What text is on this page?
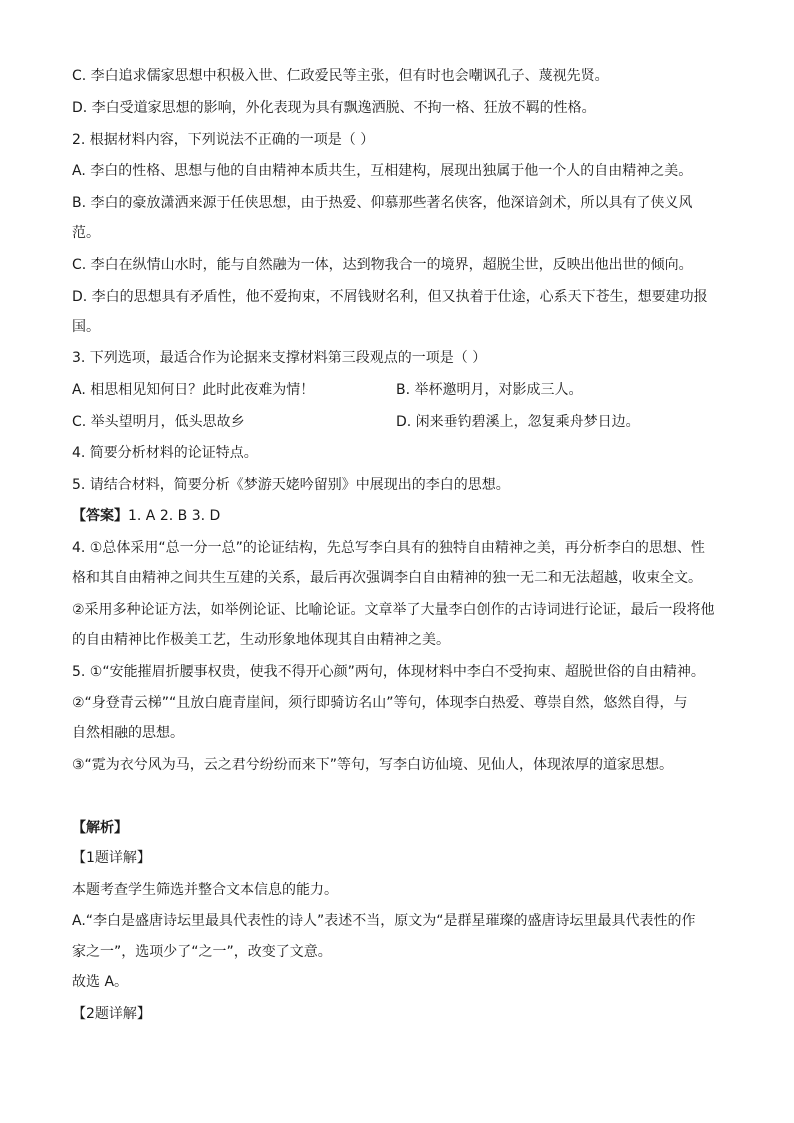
C. 李白追求儒家思想中积极入世、仁政爱民等主张，但有时也会嘲讽孔子、蔑视先贤。
D. 李白受道家思想的影响，外化表现为具有飘逸洒脱、不拘一格、狂放不羁的性格。
2. 根据材料内容，下列说法不正确的一项是（ ）
A. 李白的性格、思想与他的自由精神本质共生，互相建构，展现出独属于他一个人的自由精神之美。
B. 李白的豪放潇洒来源于任侠思想，由于热爱、仰慕那些著名侠客，他深谙剑术，所以具有了侠义风
范。
C. 李白在纵情山水时，能与自然融为一体，达到物我合一的境界，超脱尘世，反映出他出世的倾向。
D. 李白的思想具有矛盾性，他不爱拘束，不屑钱财名利，但又执着于仕途，心系天下苍生，想要建功报
国。
3. 下列选项，最适合作为论据来支撑材料第三段观点的一项是（ ）
A. 相思相见知何日？此时此夜难为情！	B. 举杯邀明月，对影成三人。
C. 举头望明月，低头思故乡	D. 闲来垂钓碧溪上，忽复乘舟梦日边。
4. 简要分析材料的论证特点。
5. 请结合材料，简要分析《梦游天姥吟留别》中展现出的李白的思想。
【答案】1. A 2. B 3. D
4. ①总体采用“总一分一总”的论证结构，先总写李白具有的独特自由精神之美，再分析李白的思想、性
格和其自由精神之间共生互建的关系，最后再次强调李白自由精神的独一无二和无法超越，收束全文。
②采用多种论证方法，如举例论证、比喻论证。文章举了大量李白创作的古诗词进行论证，最后一段将他
的自由精神比作极美工艺，生动形象地体现其自由精神之美。
5. ①“安能摧眉折腰事权贵，使我不得开心颜”两句，体现材料中李白不受拘束、超脱世俗的自由精神。
②“身登青云梯”“且放白鹿青崖间，须行即骑访名山”等句，体现李白热爱、尊崇自然，悠然自得，与
自然相融的思想。
③“霓为衣兮风为马，云之君兮纷纷而来下”等句，写李白访仙境、见仙人，体现浓厚的道家思想。
【解析】
【1题详解】
本题考查学生筛选并整合文本信息的能力。
A.“李白是盛唐诗坛里最具代表性的诗人”表述不当，原文为“是群星璀璨的盛唐诗坛里最具代表性的作
家之一”，选项少了“之一”，改变了文意。
故选 A。
【2题详解】
